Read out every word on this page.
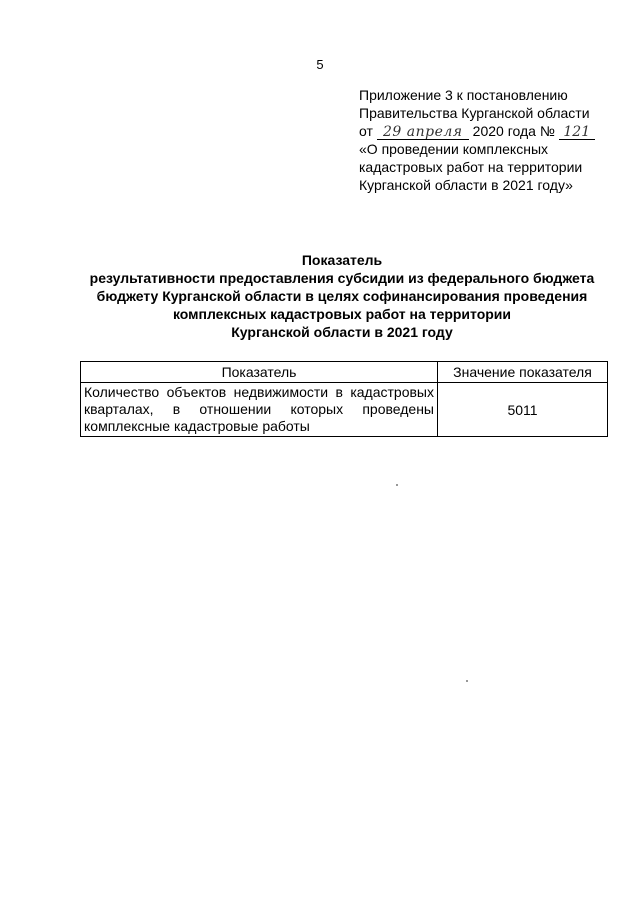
5
Приложение 3 к постановлению
Правительства Курганской области
от 29 апреля 2020 года № 121
«О проведении комплексных
кадастровых работ на территории
Курганской области в 2021 году»
Показатель
результативности предоставления субсидии из федерального бюджета
бюджету Курганской области в целях софинансирования проведения
комплексных кадастровых работ на территории
Курганской области в 2021 году
Показатель	Значение показателя
Количество объектов недвижимости в кадастровых кварталах, в отношении которых проведены комплексные кадастровые работы	5011
